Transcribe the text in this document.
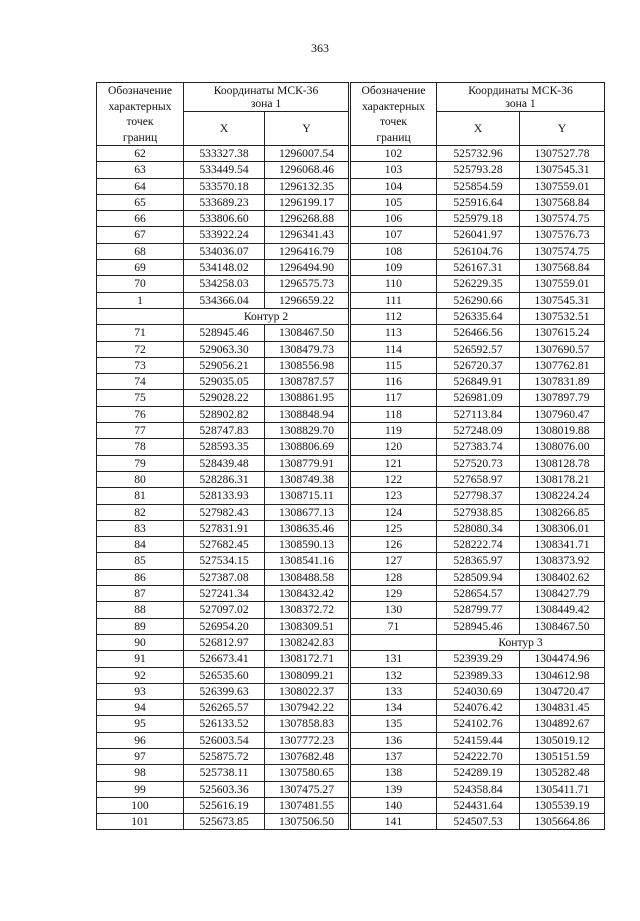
363
Обозначение
характерных
точек
границ	Координаты МСК-36
зона 1	

	X	Y
62	533327.38	1296007.54
63	533449.54	1296068.46
64	533570.18	1296132.35
65	533689.23	1296199.17
66	533806.60	1296268.88
67	533922.24	1296341.43
68	534036.07	1296416.79
69	534148.02	1296494.90
70	534258.03	1296575.73
1	534366.04	1296659.22
	Контур 2	
71	528945.46	1308467.50
72	529063.30	1308479.73
73	529056.21	1308556.98
74	529035.05	1308787.57
75	529028.22	1308861.95
76	528902.82	1308848.94
77	528747.83	1308829.70
78	528593.35	1308806.69
79	528439.48	1308779.91
80	528286.31	1308749.38
81	528133.93	1308715.11
82	527982.43	1308677.13
83	527831.91	1308635.46
84	527682.45	1308590.13
85	527534.15	1308541.16
86	527387.08	1308488.58
87	527241.34	1308432.42
88	527097.02	1308372.72
89	526954.20	1308309.51
90	526812.97	1308242.83
91	526673.41	1308172.71
92	526535.60	1308099.21
93	526399.63	1308022.37
94	526265.57	1307942.22
95	526133.52	1307858.83
96	526003.54	1307772.23
97	525875.72	1307682.48
98	525738.11	1307580.65
99	525603.36	1307475.27
100	525616.19	1307481.55
101	525673.85	1307506.50
Обозначение
характерных
точек
границ	Координаты МСК-36
зона 1	

	X	Y
102	525732.96	1307527.78
103	525793.28	1307545.31
104	525854.59	1307559.01
105	525916.64	1307568.84
106	525979.18	1307574.75
107	526041.97	1307576.73
108	526104.76	1307574.75
109	526167.31	1307568.84
110	526229.35	1307559.01
111	526290.66	1307545.31
112	526335.64	1307532.51
113	526466.56	1307615.24
114	526592.57	1307690.57
115	526720.37	1307762.81
116	526849.91	1307831.89
117	526981.09	1307897.79
118	527113.84	1307960.47
119	527248.09	1308019.88
120	527383.74	1308076.00
121	527520.73	1308128.78
122	527658.97	1308178.21
123	527798.37	1308224.24
124	527938.85	1308266.85
125	528080.34	1308306.01
126	528222.74	1308341.71
127	528365.97	1308373.92
128	528509.94	1308402.62
129	528654.57	1308427.79
130	528799.77	1308449.42
71	528945.46	1308467.50
	Контур 3	
131	523939.29	1304474.96
132	523989.33	1304612.98
133	524030.69	1304720.47
134	524076.42	1304831.45
135	524102.76	1304892.67
136	524159.44	1305019.12
137	524222.70	1305151.59
138	524289.19	1305282.48
139	524358.84	1305411.71
140	524431.64	1305539.19
141	524507.53	1305664.86
